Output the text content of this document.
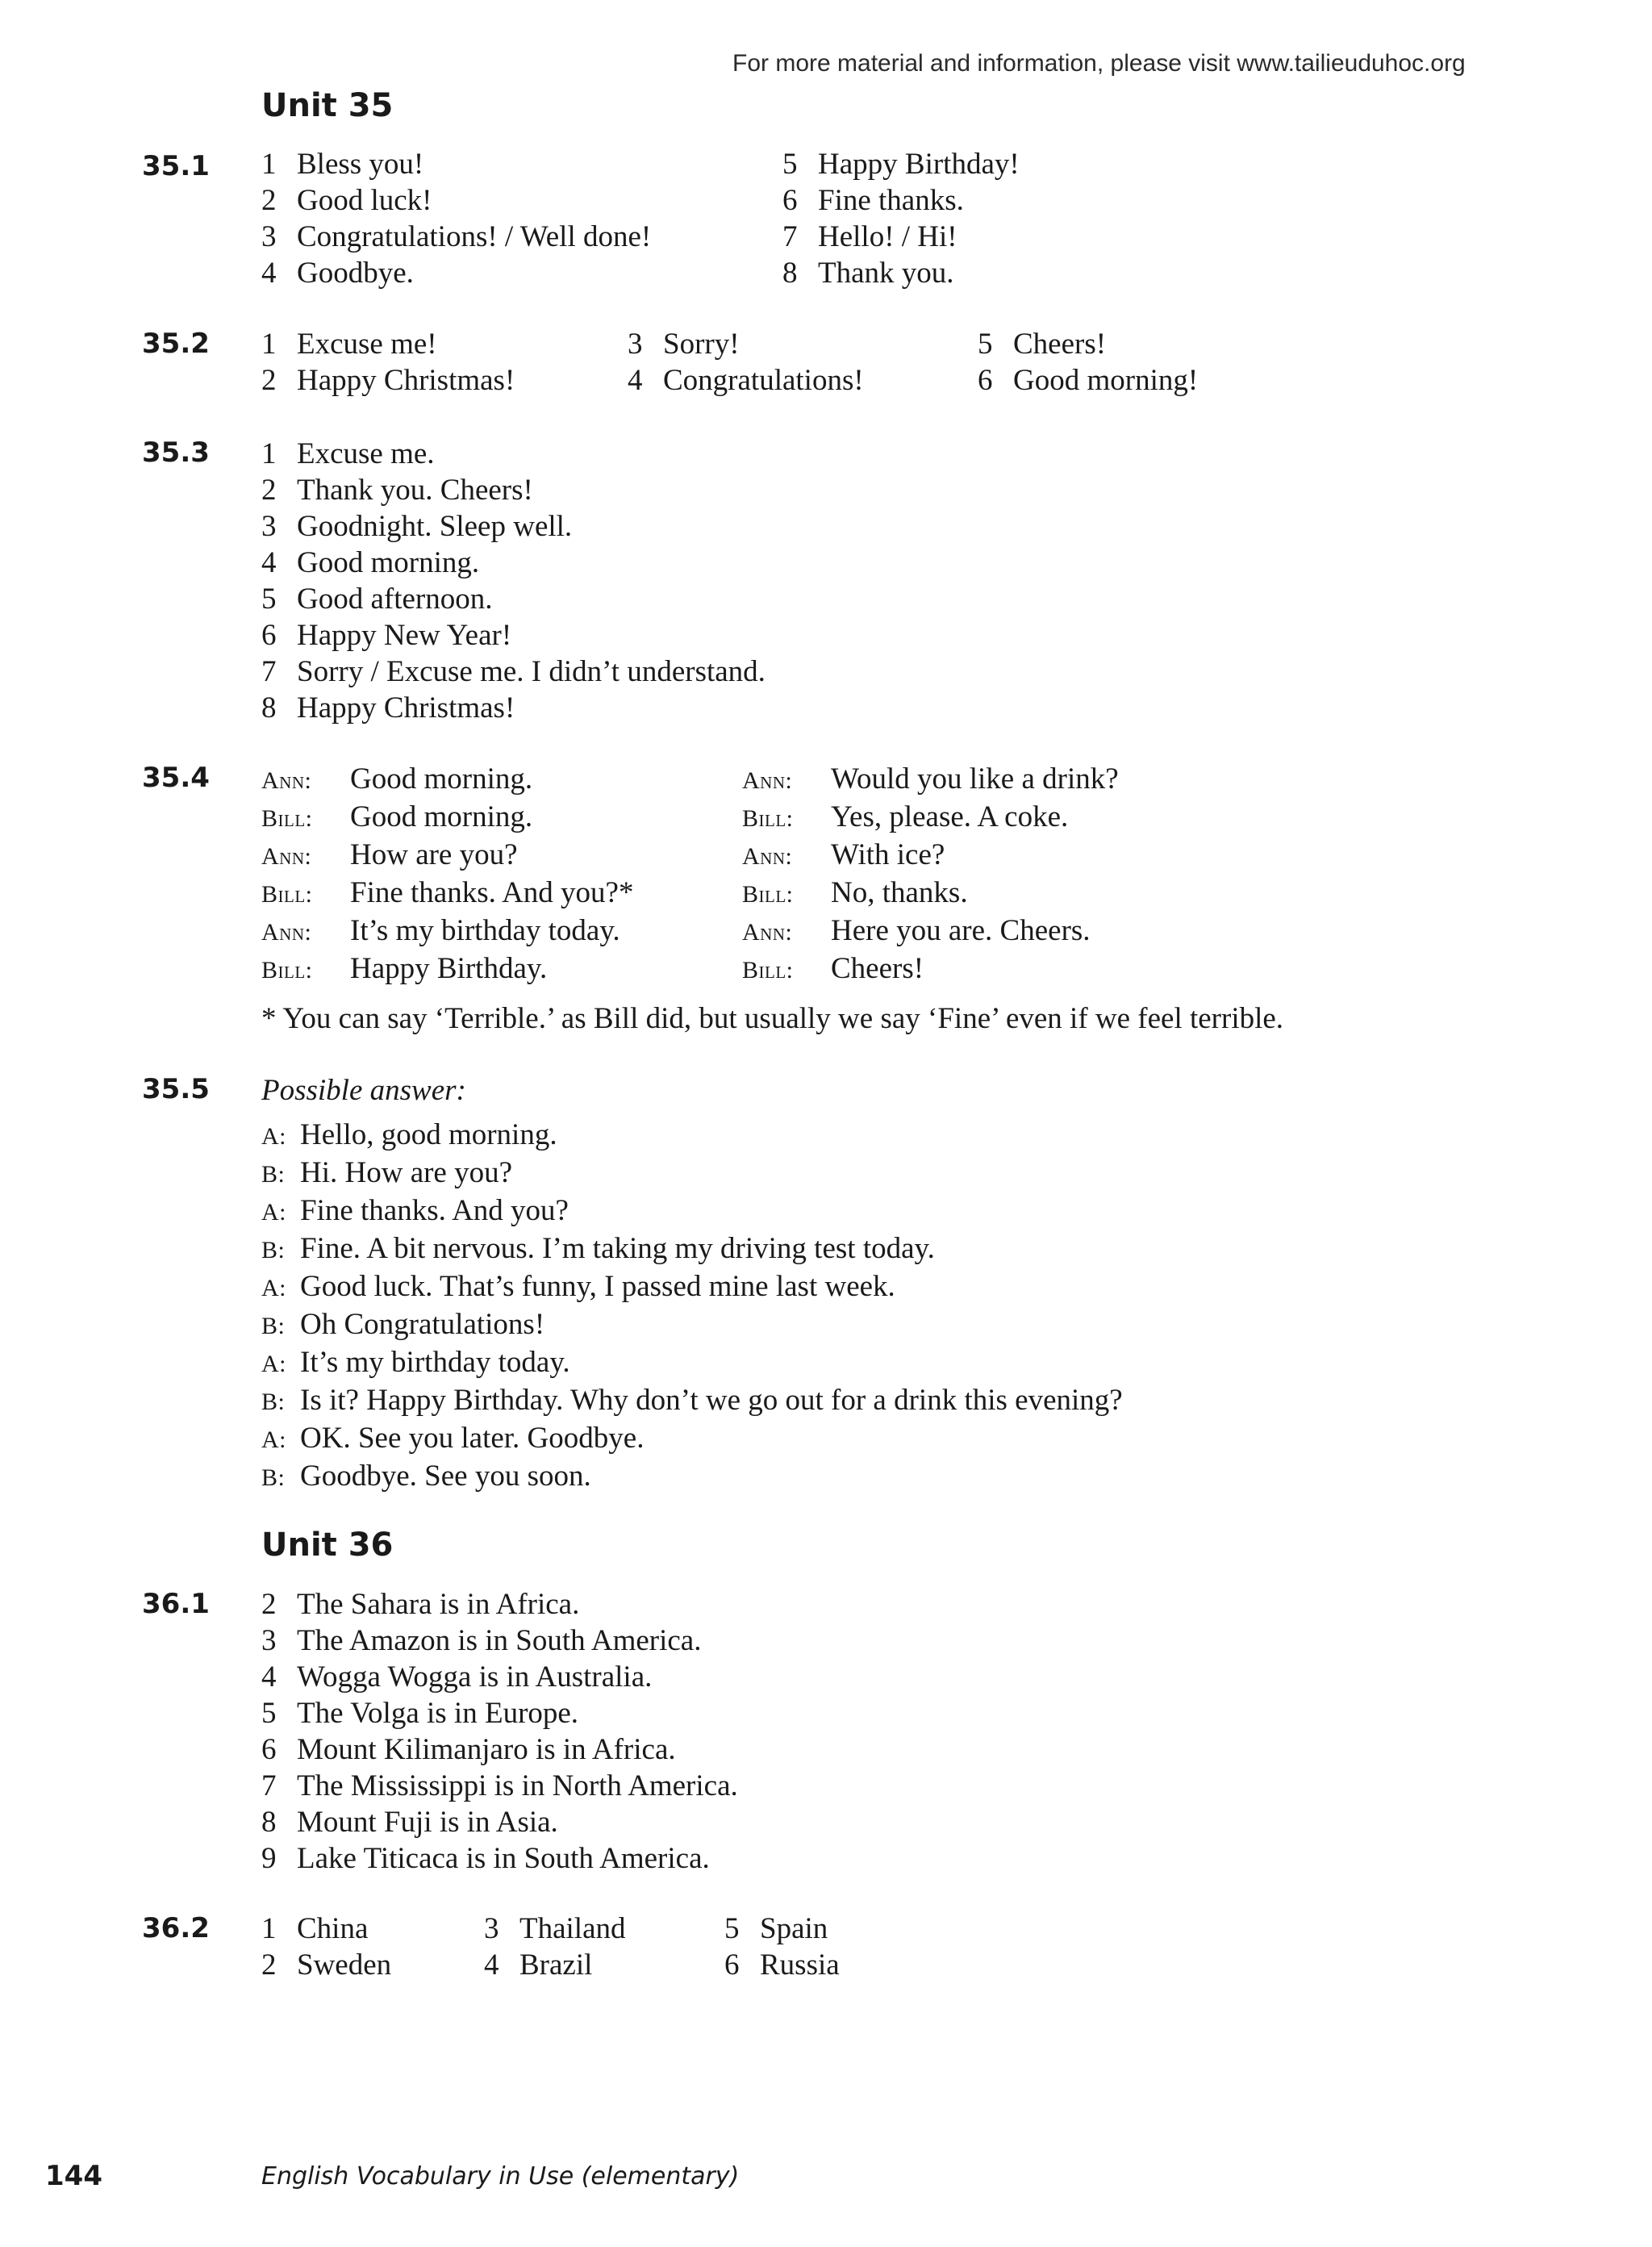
For more material and information, please visit www.tailieuduhoc.org
Unit 35
35.1 1 Bless you!
2 Good luck!
3 Congratulations! / Well done!
4 Goodbye.
5 Happy Birthday!
6 Fine thanks.
7 Hello! / Hi!
8 Thank you.
35.2 1 Excuse me!
2 Happy Christmas!
3 Sorry!
4 Congratulations!
5 Cheers!
6 Good morning!
35.3 1 Excuse me.
2 Thank you. Cheers!
3 Goodnight. Sleep well.
4 Good morning.
5 Good afternoon.
6 Happy New Year!
7 Sorry / Excuse me. I didn’t understand.
8 Happy Christmas!
35.4 Ann: Good morning.
Bill: Good morning.
Ann: How are you?
Bill: Fine thanks. And you?*
Ann: It’s my birthday today.
Bill: Happy Birthday.
Ann: Would you like a drink?
Bill: Yes, please. A coke.
Ann: With ice?
Bill: No, thanks.
Ann: Here you are. Cheers.
Bill: Cheers!
* You can say ‘Terrible.’ as Bill did, but usually we say ‘Fine’ even if we feel terrible.
35.5 Possible answer:
A: Hello, good morning.
B: Hi. How are you?
A: Fine thanks. And you?
B: Fine. A bit nervous. I’m taking my driving test today.
A: Good luck. That’s funny, I passed mine last week.
B: Oh Congratulations!
A: It’s my birthday today.
B: Is it? Happy Birthday. Why don’t we go out for a drink this evening?
A: OK. See you later. Goodbye.
B: Goodbye. See you soon.
Unit 36
36.1 2 The Sahara is in Africa.
3 The Amazon is in South America.
4 Wogga Wogga is in Australia.
5 The Volga is in Europe.
6 Mount Kilimanjaro is in Africa.
7 The Mississippi is in North America.
8 Mount Fuji is in Asia.
9 Lake Titicaca is in South America.
36.2 1 China
2 Sweden
3 Thailand
4 Brazil
5 Spain
6 Russia
144	English Vocabulary in Use (elementary)
